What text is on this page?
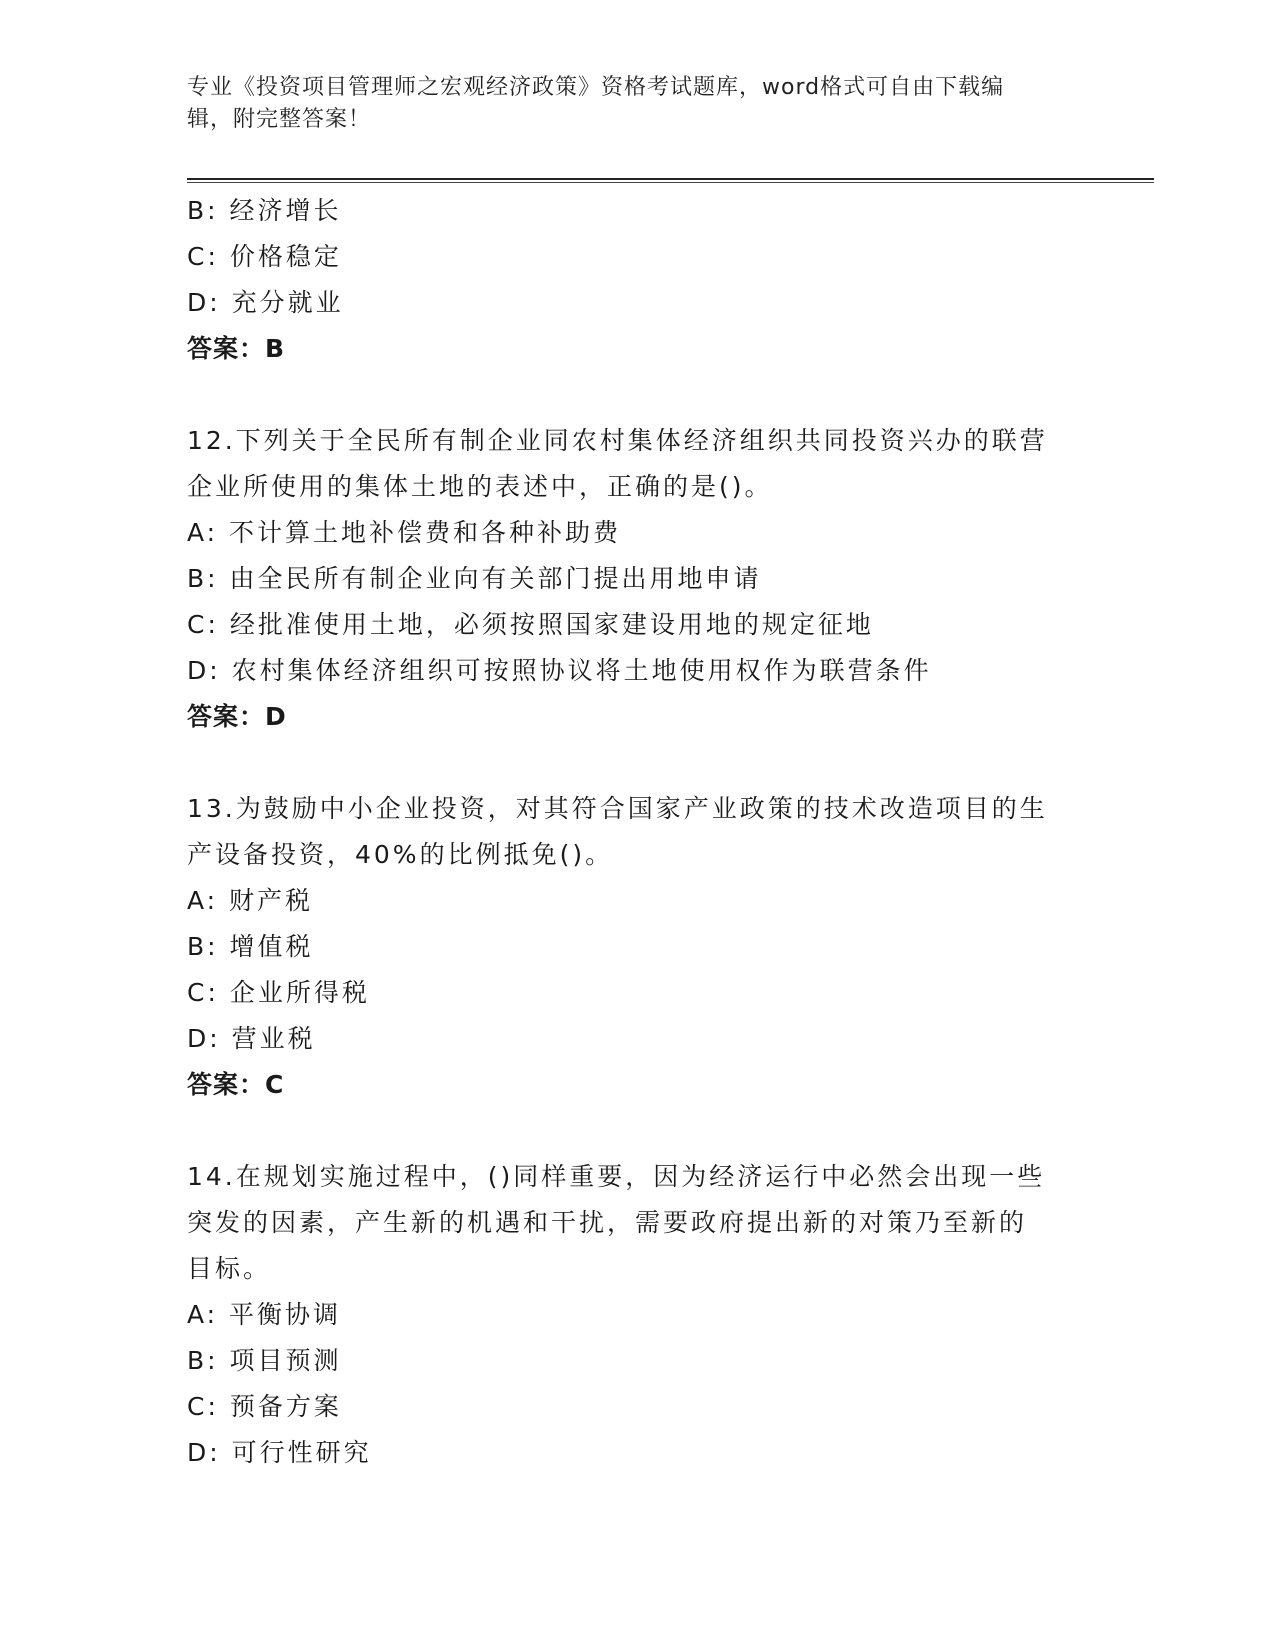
专业《投资项目管理师之宏观经济政策》资格考试题库，word格式可自由下载编
辑，附完整答案！
B: 经济增长
C: 价格稳定
D: 充分就业
答案：B
12.下列关于全民所有制企业同农村集体经济组织共同投资兴办的联营
企业所使用的集体土地的表述中，正确的是()。
A: 不计算土地补偿费和各种补助费
B: 由全民所有制企业向有关部门提出用地申请
C: 经批准使用土地，必须按照国家建设用地的规定征地
D: 农村集体经济组织可按照协议将土地使用权作为联营条件
答案：D
13.为鼓励中小企业投资，对其符合国家产业政策的技术改造项目的生
产设备投资，40%的比例抵免()。
A: 财产税
B: 增值税
C: 企业所得税
D: 营业税
答案：C
14.在规划实施过程中，()同样重要，因为经济运行中必然会出现一些
突发的因素，产生新的机遇和干扰，需要政府提出新的对策乃至新的
目标。
A: 平衡协调
B: 项目预测
C: 预备方案
D: 可行性研究
